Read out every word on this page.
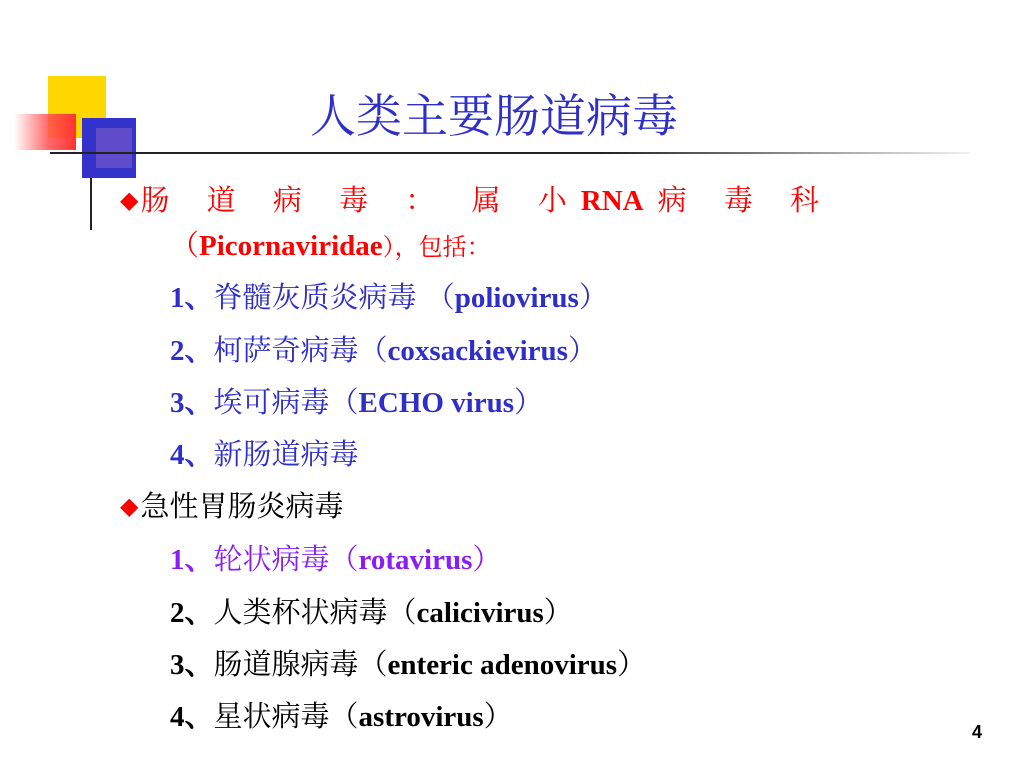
人类主要肠道病毒
◆肠 道 病 毒 ： 属 小RNA 病 毒 科
（Picornaviridae），包括：
1、脊髓灰质炎病毒 （poliovirus）
2、柯萨奇病毒（coxsackievirus）
3、埃可病毒（ECHO virus）
4、新肠道病毒
◆急性胃肠炎病毒
1、轮状病毒（rotavirus）
2、人类杯状病毒（calicivirus）
3、肠道腺病毒（enteric adenovirus）
4、星状病毒（astrovirus）	4
